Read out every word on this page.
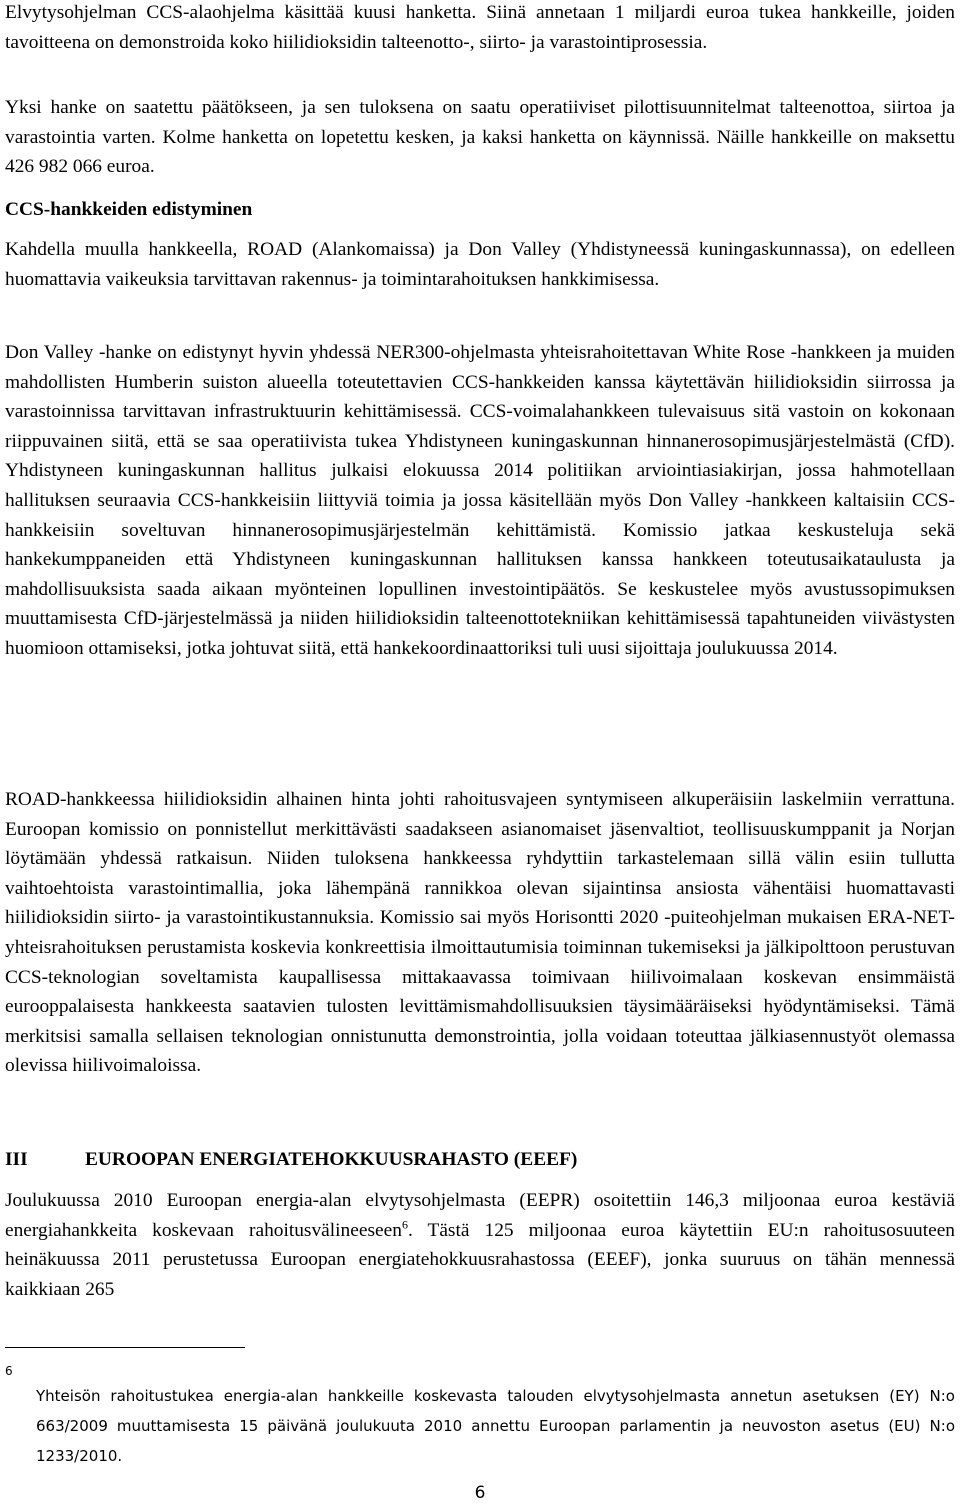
Elvytysohjelman CCS-alaohjelma käsittää kuusi hanketta. Siinä annetaan 1 miljardi euroa tukea hankkeille, joiden tavoitteena on demonstroida koko hiilidioksidin talteenotto-, siirto- ja varastointiprosessia.

Yksi hanke on saatettu päätökseen, ja sen tuloksena on saatu operatiiviset pilottisuunnitelmat talteenottoa, siirtoa ja varastointia varten. Kolme hanketta on lopetettu kesken, ja kaksi hanketta on käynnissä. Näille hankkeille on maksettu 426 982 066 euroa.

CCS-hankkeiden edistyminen

Kahdella muulla hankkeella, ROAD (Alankomaissa) ja Don Valley (Yhdistyneessä kuningaskunnassa), on edelleen huomattavia vaikeuksia tarvittavan rakennus- ja toimintarahoituksen hankkimisessa.

Don Valley -hanke on edistynyt hyvin yhdessä NER300-ohjelmasta yhteisrahoitettavan White Rose -hankkeen ja muiden mahdollisten Humberin suiston alueella toteutettavien CCS-hankkeiden kanssa käytettävän hiilidioksidin siirrossa ja varastoinnissa tarvittavan infrastruktuurin kehittämisessä. CCS-voimalahankkeen tulevaisuus sitä vastoin on kokonaan riippuvainen siitä, että se saa operatiivista tukea Yhdistyneen kuningaskunnan hinnanerosopimusjärjestelmästä (CfD). Yhdistyneen kuningaskunnan hallitus julkaisi elokuussa 2014 politiikan arviointiasiakirjan, jossa hahmotellaan hallituksen seuraavia CCS-hankkeisiin liittyviä toimia ja jossa käsitellään myös Don Valley -hankkeen kaltaisiin CCS-hankkeisiin soveltuvan hinnanerosopimusjärjestelmän kehittämistä. Komissio jatkaa keskusteluja sekä hankekumppaneiden että Yhdistyneen kuningaskunnan hallituksen kanssa hankkeen toteutusaikataulusta ja mahdollisuuksista saada aikaan myönteinen lopullinen investointipäätös. Se keskustelee myös avustussopimuksen muuttamisesta CfD-järjestelmässä ja niiden hiilidioksidin talteenottotekniikan kehittämisessä tapahtuneiden viivästysten huomioon ottamiseksi, jotka johtuvat siitä, että hankekoordinaattoriksi tuli uusi sijoittaja joulukuussa 2014.

ROAD-hankkeessa hiilidioksidin alhainen hinta johti rahoitusvajeen syntymiseen alkuperäisiin laskelmiin verrattuna. Euroopan komissio on ponnistellut merkittävästi saadakseen asianomaiset jäsenvaltiot, teollisuuskumppanit ja Norjan löytämään yhdessä ratkaisun. Niiden tuloksena hankkeessa ryhdyttiin tarkastelemaan sillä välin esiin tullutta vaihtoehtoista varastointimallia, joka lähempänä rannikkoa olevan sijaintinsa ansiosta vähentäisi huomattavasti hiilidioksidin siirto- ja varastointikustannuksia. Komissio sai myös Horisontti 2020 -puiteohjelman mukaisen ERA-NET-yhteisrahoituksen perustamista koskevia konkreettisia ilmoittautumisia toiminnan tukemiseksi ja jälkipolttoon perustuvan CCS-teknologian soveltamista kaupallisessa mittakaavassa toimivaan hiilivoimalaan koskevan ensimmäistä eurooppalaisesta hankkeesta saatavien tulosten levittämismahdollisuuksien täysimääräiseksi hyödyntämiseksi. Tämä merkitsisi samalla sellaisen teknologian onnistunutta demonstrointia, jolla voidaan toteuttaa jälkiasennustyöt olemassa olevissa hiilivoimaloissa.

III	EUROOPAN ENERGIATEHOKKUUSRAHASTO (EEEF)

Joulukuussa 2010 Euroopan energia-alan elvytysohjelmasta (EEPR) osoitettiin 146,3 miljoonaa euroa kestäviä energiahankkeita koskevaan rahoitusvälineeseen$^6$. Tästä 125 miljoonaa euroa käytettiin EU:n rahoitusosuuteen heinäkuussa 2011 perustetussa Euroopan energiatehokkuusrahastossa (EEEF), jonka suuruus on tähän mennessä kaikkiaan 265

6
Yhteisön rahoitustukea energia-alan hankkeille koskevasta talouden elvytysohjelmasta annetun asetuksen (EY) N:o 663/2009 muuttamisesta 15 päivänä joulukuuta 2010 annettu Euroopan parlamentin ja neuvoston asetus (EU) N:o 1233/2010.

6
